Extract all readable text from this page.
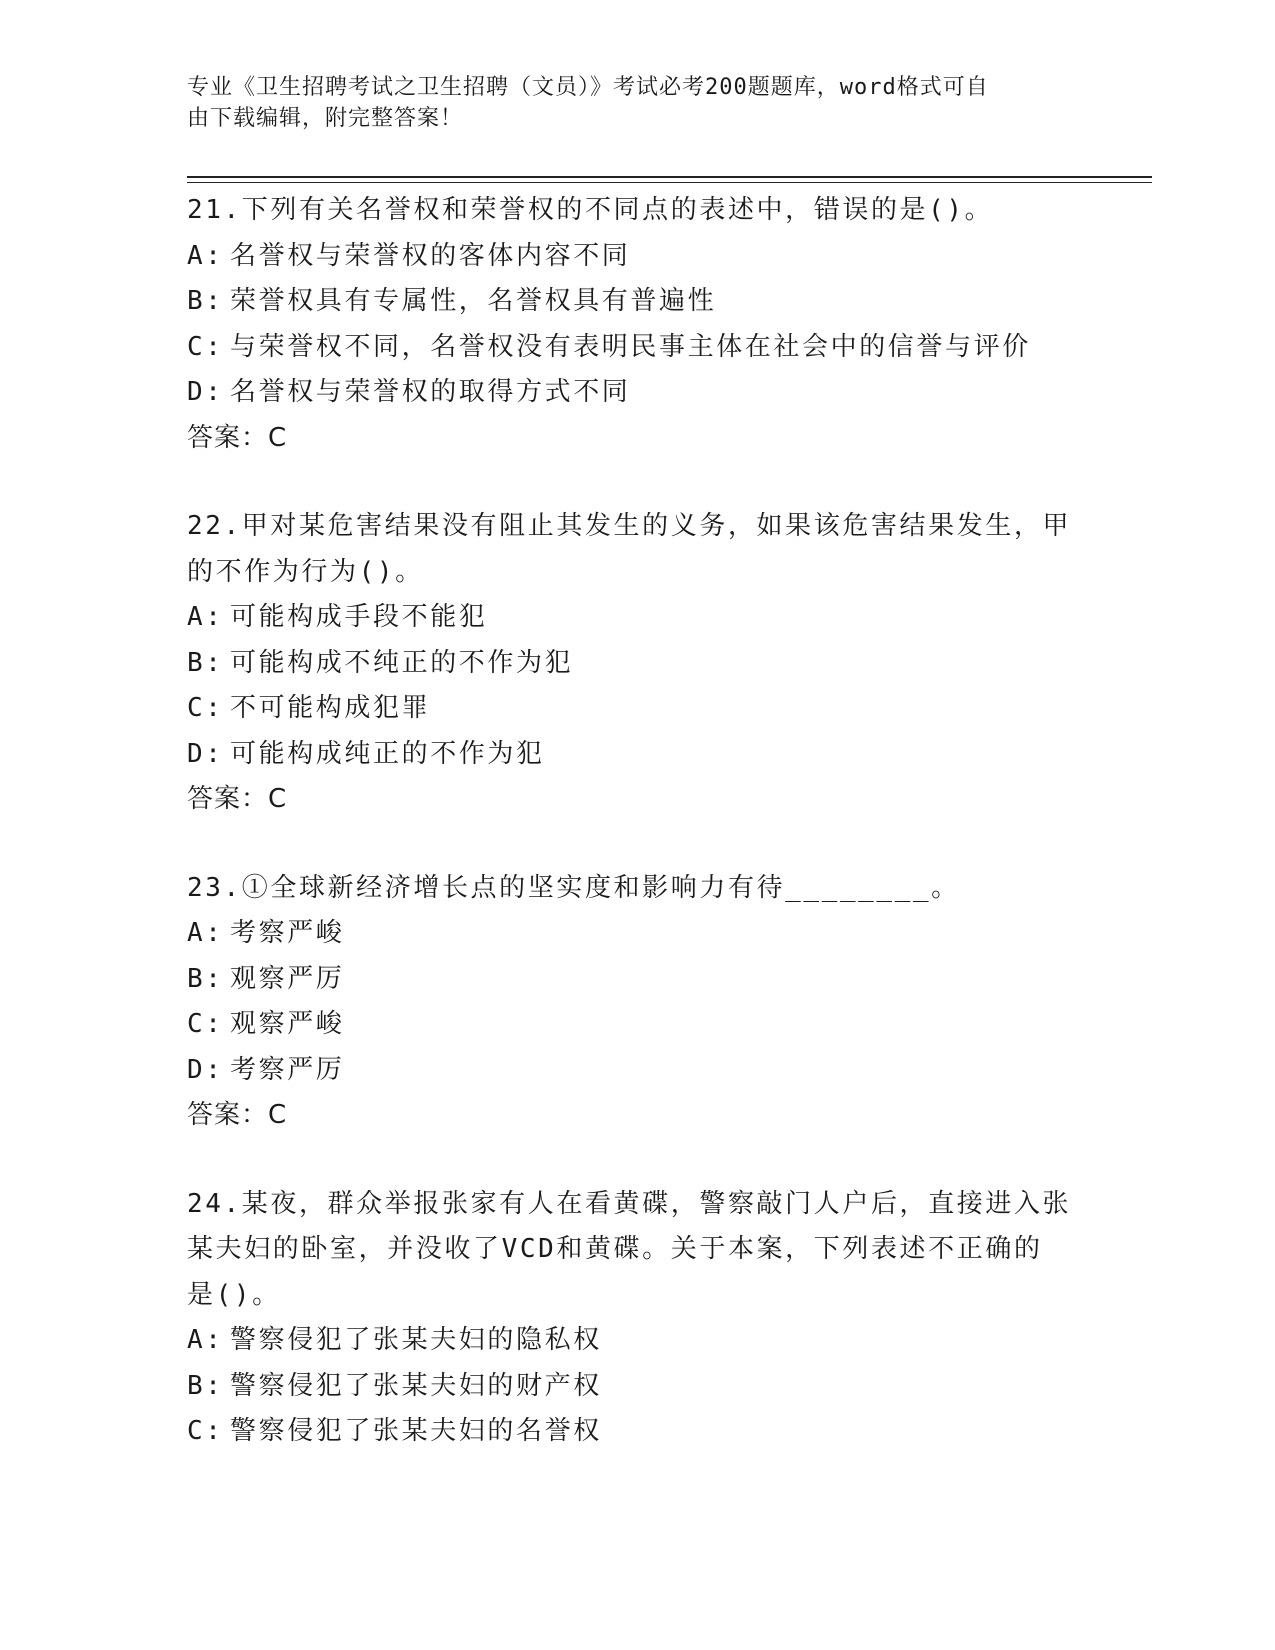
专业《卫生招聘考试之卫生招聘（文员）》考试必考200题题库，word格式可自
由下载编辑，附完整答案！
21.下列有关名誉权和荣誉权的不同点的表述中，错误的是()。
A: 名誉权与荣誉权的客体内容不同
B: 荣誉权具有专属性，名誉权具有普遍性
C: 与荣誉权不同，名誉权没有表明民事主体在社会中的信誉与评价
D: 名誉权与荣誉权的取得方式不同
答案：C
22.甲对某危害结果没有阻止其发生的义务，如果该危害结果发生，甲
的不作为行为()。
A: 可能构成手段不能犯
B: 可能构成不纯正的不作为犯
C: 不可能构成犯罪
D: 可能构成纯正的不作为犯
答案：C
23.①全球新经济增长点的坚实度和影响力有待________。
A: 考察严峻
B: 观察严厉
C: 观察严峻
D: 考察严厉
答案：C
24.某夜，群众举报张家有人在看黄碟，警察敲门人户后，直接进入张
某夫妇的卧室，并没收了VCD和黄碟。关于本案，下列表述不正确的
是()。
A: 警察侵犯了张某夫妇的隐私权
B: 警察侵犯了张某夫妇的财产权
C: 警察侵犯了张某夫妇的名誉权
